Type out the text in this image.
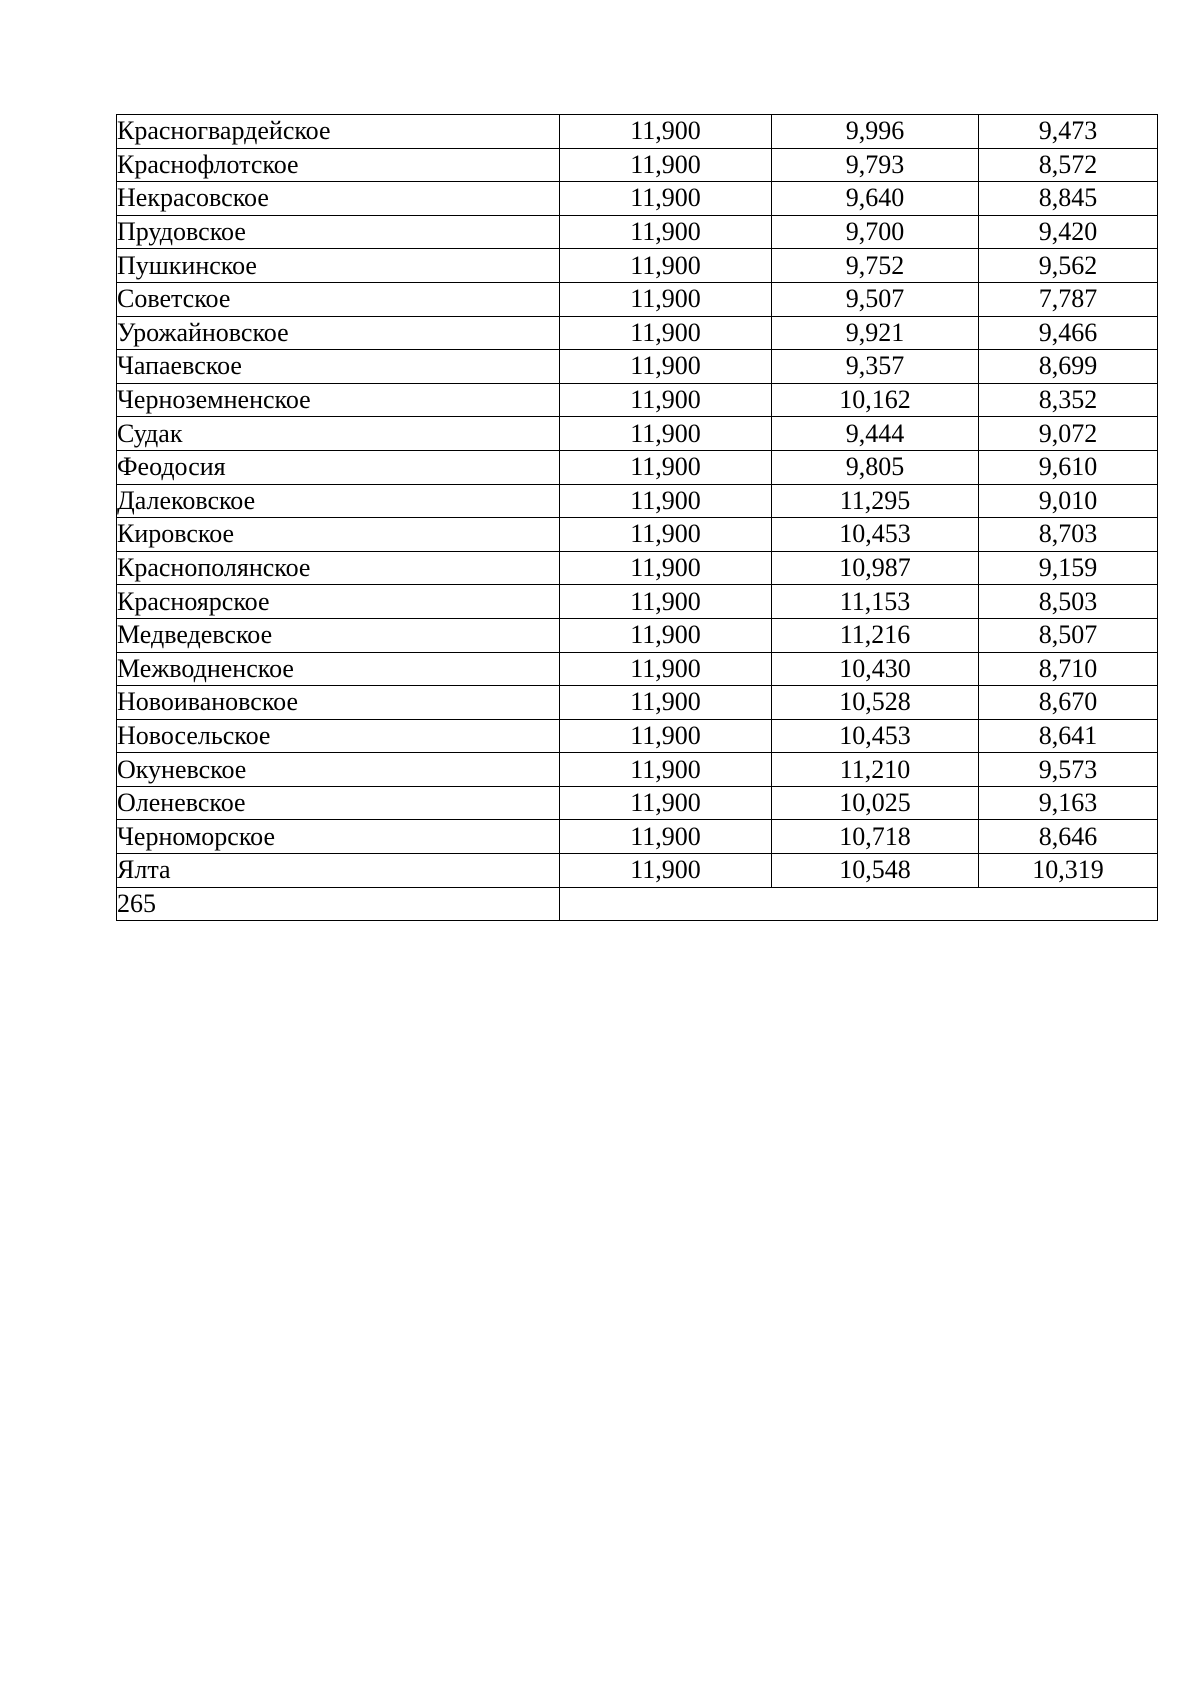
Красногвардейское	11,900	9,996	9,473
Краснофлотское	11,900	9,793	8,572
Некрасовское	11,900	9,640	8,845
Прудовское	11,900	9,700	9,420
Пушкинское	11,900	9,752	9,562
Советское	11,900	9,507	7,787
Урожайновское	11,900	9,921	9,466
Чапаевское	11,900	9,357	8,699
Черноземненское	11,900	10,162	8,352
Судак	11,900	9,444	9,072
Феодосия	11,900	9,805	9,610
Далековское	11,900	11,295	9,010
Кировское	11,900	10,453	8,703
Краснополянское	11,900	10,987	9,159
Красноярское	11,900	11,153	8,503
Медведевское	11,900	11,216	8,507
Межводненское	11,900	10,430	8,710
Новоивановское	11,900	10,528	8,670
Новосельское	11,900	10,453	8,641
Окуневское	11,900	11,210	9,573
Оленевское	11,900	10,025	9,163
Черноморское	11,900	10,718	8,646
Ялта	11,900	10,548	10,319
265			
